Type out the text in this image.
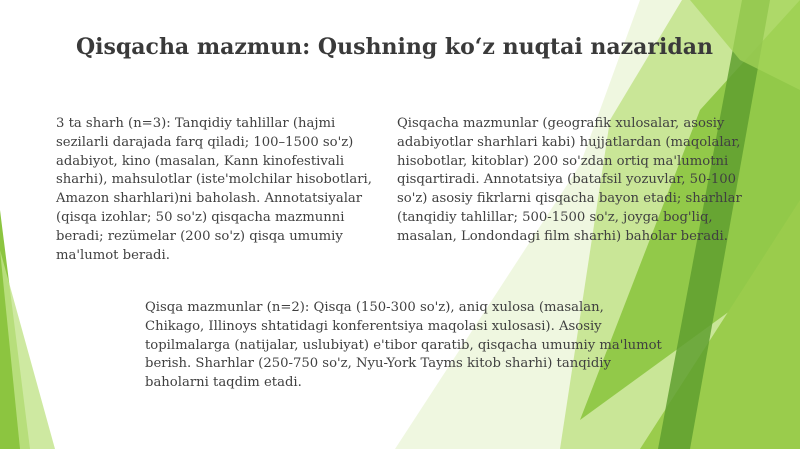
Qisqacha mazmun: Qushning ko‘z nuqtai nazaridan

3 ta sharh (n=3): Tanqidiy tahlillar (hajmi sezilarli darajada farq qiladi; 100–1500 so'z) adabiyot, kino (masalan, Kann kinofestivali sharhi), mahsulotlar (iste'molchilar hisobotlari, Amazon sharhlari)ni baholash. Annotatsiyalar (qisqa izohlar; 50 so'z) qisqacha mazmunni beradi; rezümelar (200 so'z) qisqa umumiy ma'lumot beradi.

Qisqacha mazmunlar (geografik xulosalar, asosiy adabiyotlar sharhlari kabi) hujjatlardan (maqolalar, hisobotlar, kitoblar) 200 so'zdan ortiq ma'lumotni qisqartiradi. Annotatsiya (batafsil yozuvlar, 50-100 so'z) asosiy fikrlarni qisqacha bayon etadi; sharhlar (tanqidiy tahlillar; 500-1500 so'z, joyga bog'liq, masalan, Londondagi film sharhi) baholar beradi.

Qisqa mazmunlar (n=2): Qisqa (150-300 so'z), aniq xulosa (masalan, Chikago, Illinoys shtatidagi konferentsiya maqolasi xulosasi). Asosiy topilmalarga (natijalar, uslubiyat) e'tibor qaratib, qisqacha umumiy ma'lumot berish. Sharhlar (250-750 so'z, Nyu-York Tayms kitob sharhi) tanqidiy baholarni taqdim etadi.
